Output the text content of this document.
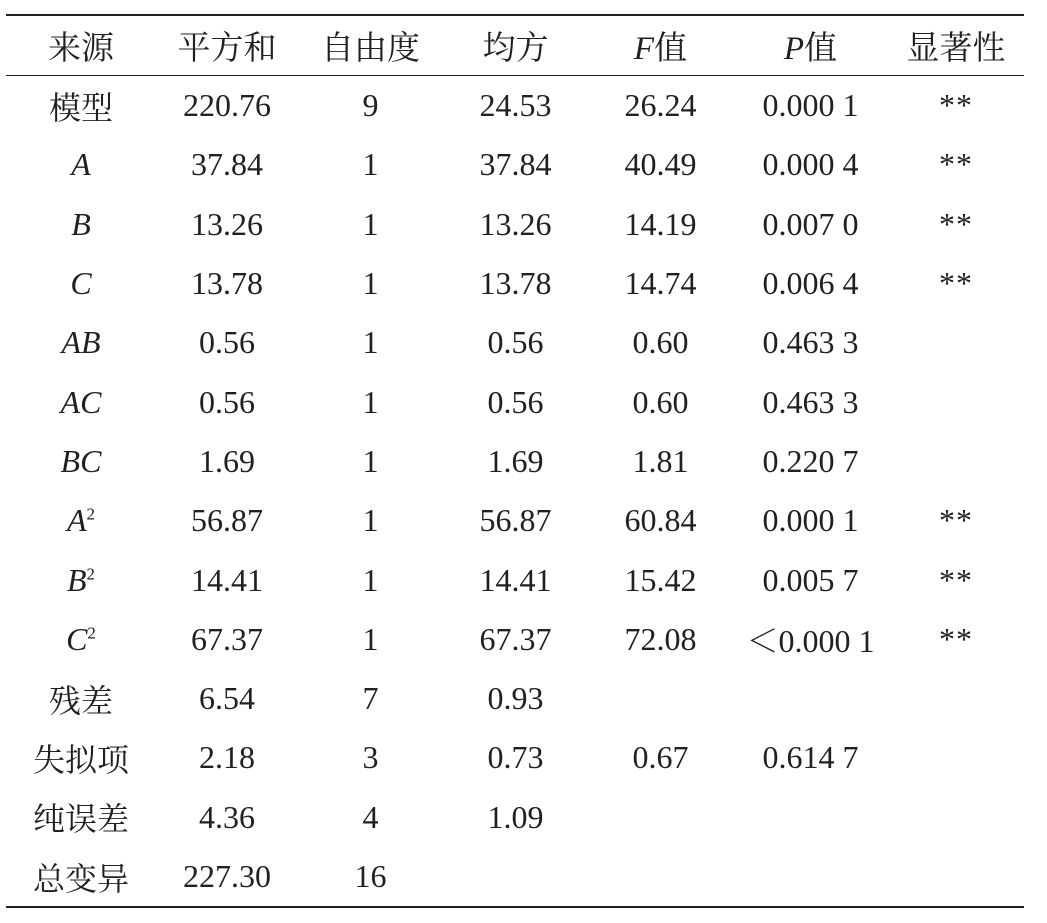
来源	平方和	自由度	均方	F值	P值	显著性
模型	220.76	9	24.53	26.24	0.000 1	**
A	37.84	1	37.84	40.49	0.000 4	**
B	13.26	1	13.26	14.19	0.007 0	**
C	13.78	1	13.78	14.74	0.006 4	**
AB	0.56	1	0.56	0.60	0.463 3	
AC	0.56	1	0.56	0.60	0.463 3	
BC	1.69	1	1.69	1.81	0.220 7	
$A^2$	56.87	1	56.87	60.84	0.000 1	**
$B^2$	14.41	1	14.41	15.42	0.005 7	**
$C^2$	67.37	1	67.37	72.08	＜0.000 1	**
残差	6.54	7	0.93			
失拟项	2.18	3	0.73	0.67	0.614 7	
纯误差	4.36	4	1.09			
总变异	227.30	16				
